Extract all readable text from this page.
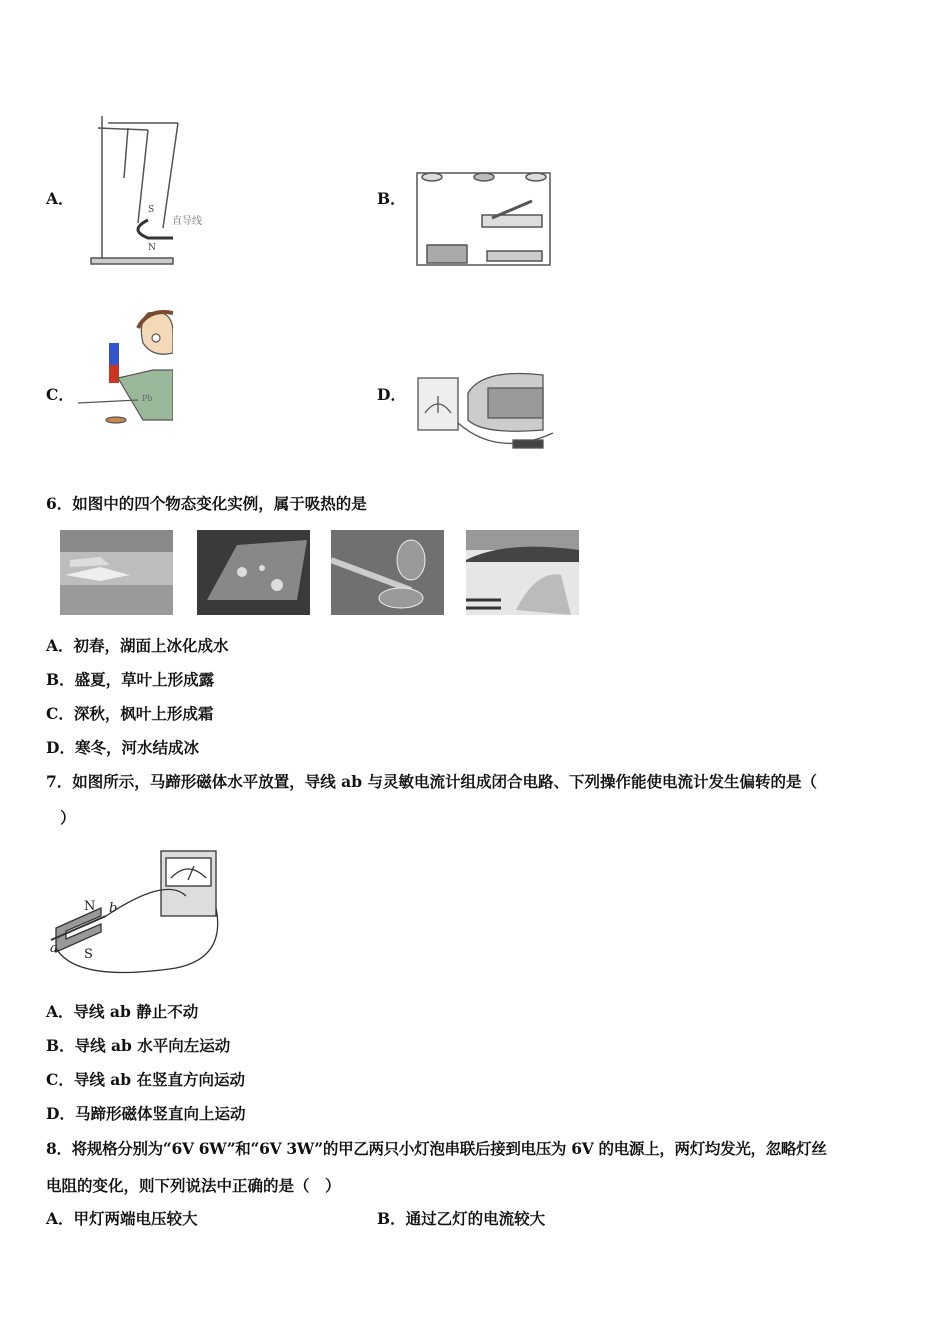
A．
S
N
直导线
B．
C．	Pb	D．
6．如图中的四个物态变化实例，属于吸热的是
A．初春，湖面上冰化成水
B．盛夏，草叶上形成露
C．深秋，枫叶上形成霜
D．寒冬，河水结成冰
7．如图所示，马蹄形磁体水平放置，导线 ab 与灵敏电流计组成闭合电路、下列操作能使电流计发生偏转的是（
）
N
S
a
b
A．导线 ab 静止不动
B．导线 ab 水平向左运动
C．导线 ab 在竖直方向运动
D．马蹄形磁体竖直向上运动
8．将规格分别为“6V 6W”和“6V 3W”的甲乙两只小灯泡串联后接到电压为 6V 的电源上，两灯均发光，忽略灯丝
电阻的变化，则下列说法中正确的是（　）
A．甲灯两端电压较大	B．通过乙灯的电流较大
